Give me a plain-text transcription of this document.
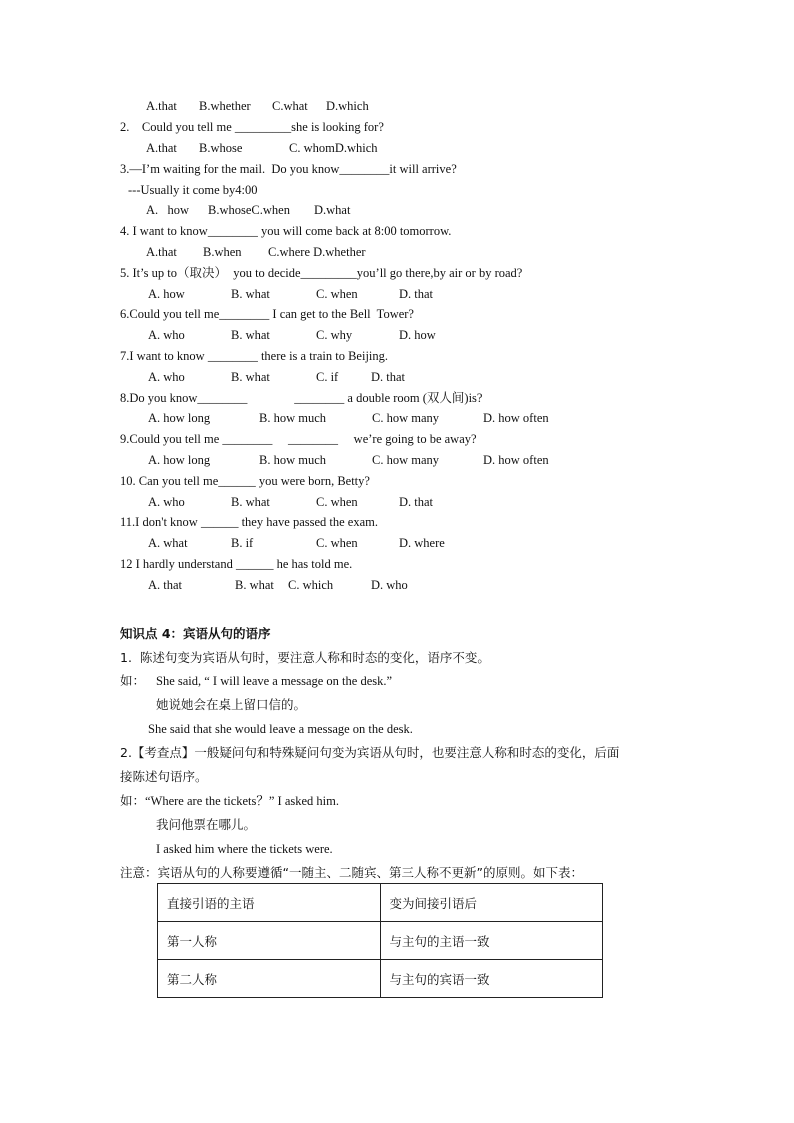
A.that B.whether C.what D.which
2.    Could you tell me _________she is looking for?
A.that B.whose	C. whomD.which
3.—I’m waiting for the mail.  Do you know________it will arrive?
---Usually it come by4:00
A.   how B.whoseC.when D.what
4. I want to know________ you will come back at 8:00 tomorrow.
A.that B.when C.where D.whether
5. It’s up to（取决）  you to decide_________you’ll go there,by air or by road?
A. how	B. what	C. when	D. that
6.Could you tell me________ I can get to the Bell  Tower?
A. who	B. what	C. why	D. how
7.I want to know ________ there is a train to Beijing.
A. who	B. what	C. if	D. that
8.Do you know________               ________ a double room (双人间)is?
A. how long	B. how much	C. how many	D. how often
9.Could you tell me ________     ________     we’re going to be away?
A. how long	B. how much	C. how many	D. how often
10. Can you tell me______ you were born, Betty?
A. who	B. what	C. when	D. that
11.I don't know ______ they have passed the exam.
A. what	B. if	C. when	D. where
12 I hardly understand ______ he has told me.
A. that	B. what C. which	D. who
知识点 4：宾语从句的语序
1.  陈述句变为宾语从句时，要注意人称和时态的变化，语序不变。
如： She said, “ I will leave a message on the desk.”
她说她会在桌上留口信的。
She said that she would leave a message on the desk.
2.【考查点】一般疑问句和特殊疑问句变为宾语从句时，也要注意人称和时态的变化，后面
接陈述句语序。
如：“Where are the tickets？” I asked him.
我问他票在哪儿。
I asked him where the tickets were.
注意：宾语从句的人称要遵循“一随主、二随宾、第三人称不更新”的原则。如下表：
直接引语的主语	变为间接引语后
第一人称	与主句的主语一致
第二人称	与主句的宾语一致
